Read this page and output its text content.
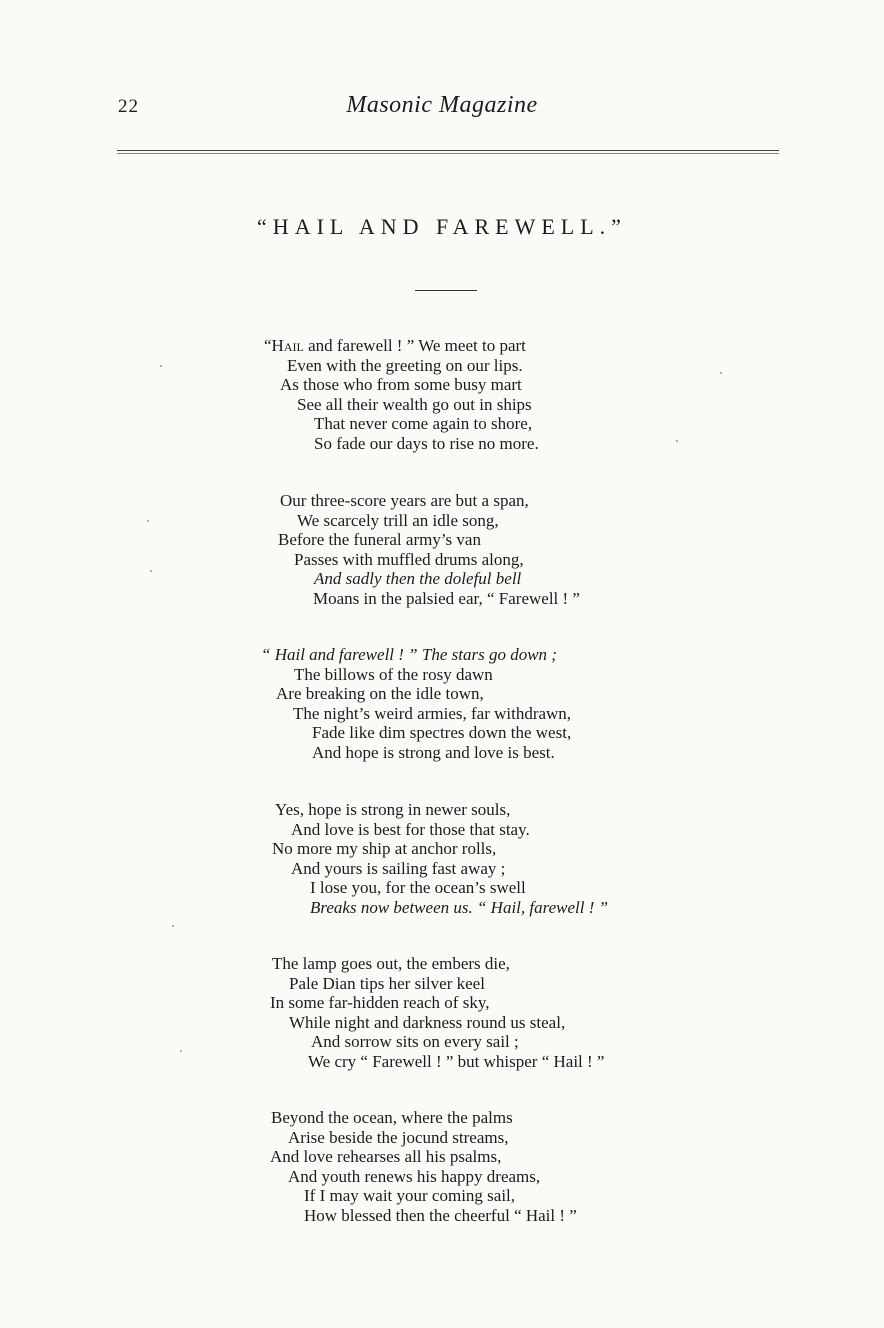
22	Masonic Magazine
“HAIL AND FAREWELL.”
“Hail and farewell ! ” We meet to part
Even with the greeting on our lips.
As those who from some busy mart
See all their wealth go out in ships
That never come again to shore,
So fade our days to rise no more.
Our three-score years are but a span,
We scarcely trill an idle song,
Before the funeral army’s van
Passes with muffled drums along,
And sadly then the doleful bell
Moans in the palsied ear, “ Farewell ! ”
“ Hail and farewell ! ” The stars go down ;
The billows of the rosy dawn
Are breaking on the idle town,
The night’s weird armies, far withdrawn,
Fade like dim spectres down the west,
And hope is strong and love is best.
Yes, hope is strong in newer souls,
And love is best for those that stay.
No more my ship at anchor rolls,
And yours is sailing fast away ;
I lose you, for the ocean’s swell
Breaks now between us. “ Hail, farewell ! ”
The lamp goes out, the embers die,
Pale Dian tips her silver keel
In some far-hidden reach of sky,
While night and darkness round us steal,
And sorrow sits on every sail ;
We cry “ Farewell ! ” but whisper “ Hail ! ”
Beyond the ocean, where the palms
Arise beside the jocund streams,
And love rehearses all his psalms,
And youth renews his happy dreams,
If I may wait your coming sail,
How blessed then the cheerful “ Hail ! ”
